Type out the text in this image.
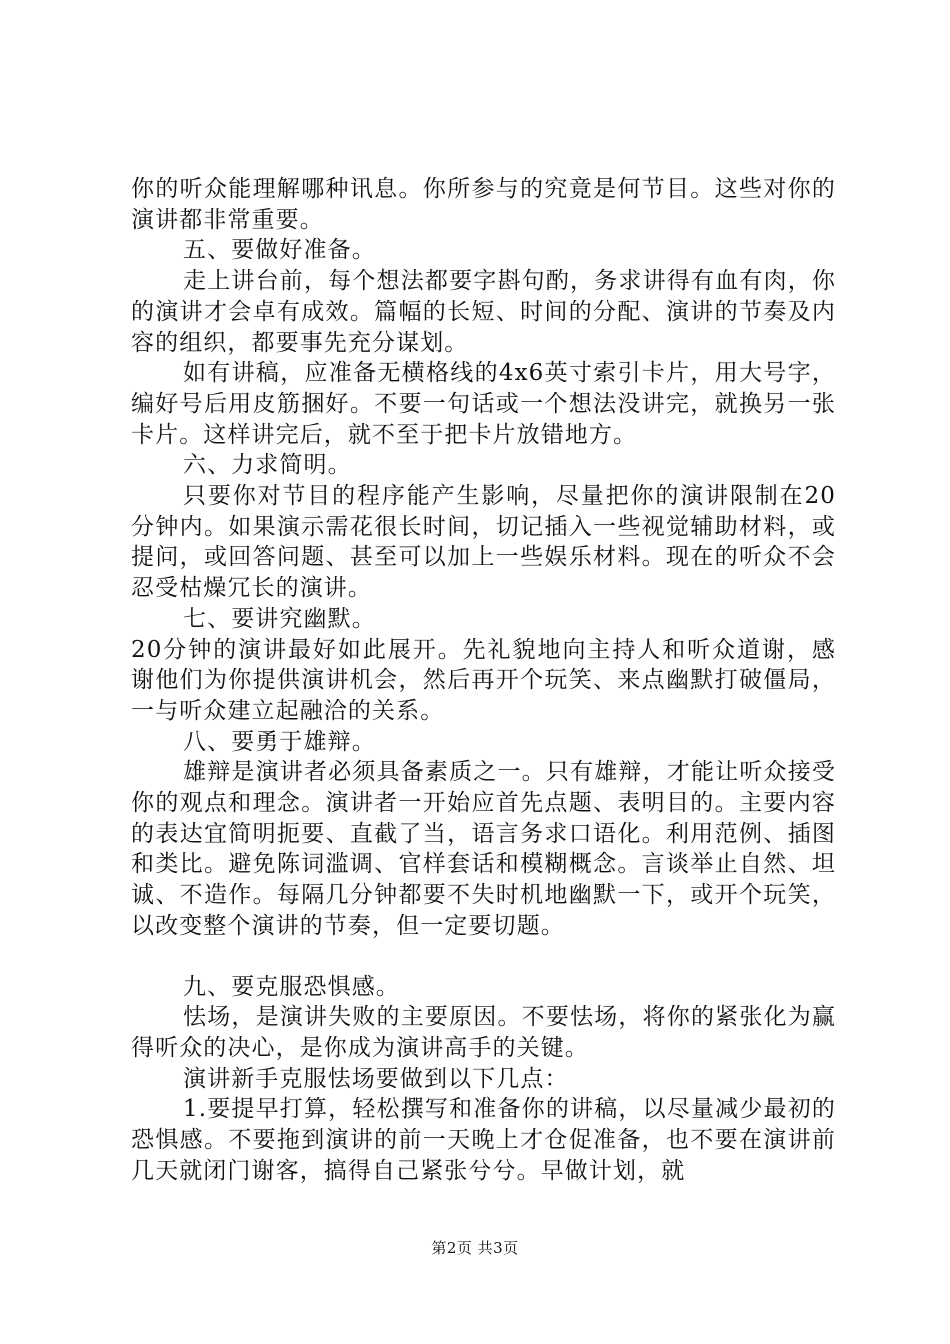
你的听众能理解哪种讯息。你所参与的究竟是何节目。这些对你的演讲都非常重要。

五、要做好准备。

走上讲台前，每个想法都要字斟句酌，务求讲得有血有肉，你的演讲才会卓有成效。篇幅的长短、时间的分配、演讲的节奏及内容的组织，都要事先充分谋划。

如有讲稿，应准备无横格线的4x6英寸索引卡片，用大号字，编好号后用皮筋捆好。不要一句话或一个想法没讲完，就换另一张卡片。这样讲完后，就不至于把卡片放错地方。

六、力求简明。

只要你对节目的程序能产生影响，尽量把你的演讲限制在20分钟内。如果演示需花很长时间，切记插入一些视觉辅助材料，或提问，或回答问题、甚至可以加上一些娱乐材料。现在的听众不会忍受枯燥冗长的演讲。

七、要讲究幽默。

20分钟的演讲最好如此展开。先礼貌地向主持人和听众道谢，感谢他们为你提供演讲机会，然后再开个玩笑、来点幽默打破僵局，一与听众建立起融洽的关系。

八、要勇于雄辩。

雄辩是演讲者必须具备素质之一。只有雄辩，才能让听众接受你的观点和理念。演讲者一开始应首先点题、表明目的。主要内容的表达宜简明扼要、直截了当，语言务求口语化。利用范例、插图和类比。避免陈词滥调、官样套话和模糊概念。言谈举止自然、坦诚、不造作。每隔几分钟都要不失时机地幽默一下，或开个玩笑，以改变整个演讲的节奏，但一定要切题。

九、要克服恐惧感。

怯场，是演讲失败的主要原因。不要怯场，将你的紧张化为赢得听众的决心，是你成为演讲高手的关键。

演讲新手克服怯场要做到以下几点：

1.要提早打算，轻松撰写和准备你的讲稿，以尽量减少最初的恐惧感。不要拖到演讲的前一天晚上才仓促准备，也不要在演讲前几天就闭门谢客，搞得自己紧张兮兮。早做计划，就

第2页 共3页
